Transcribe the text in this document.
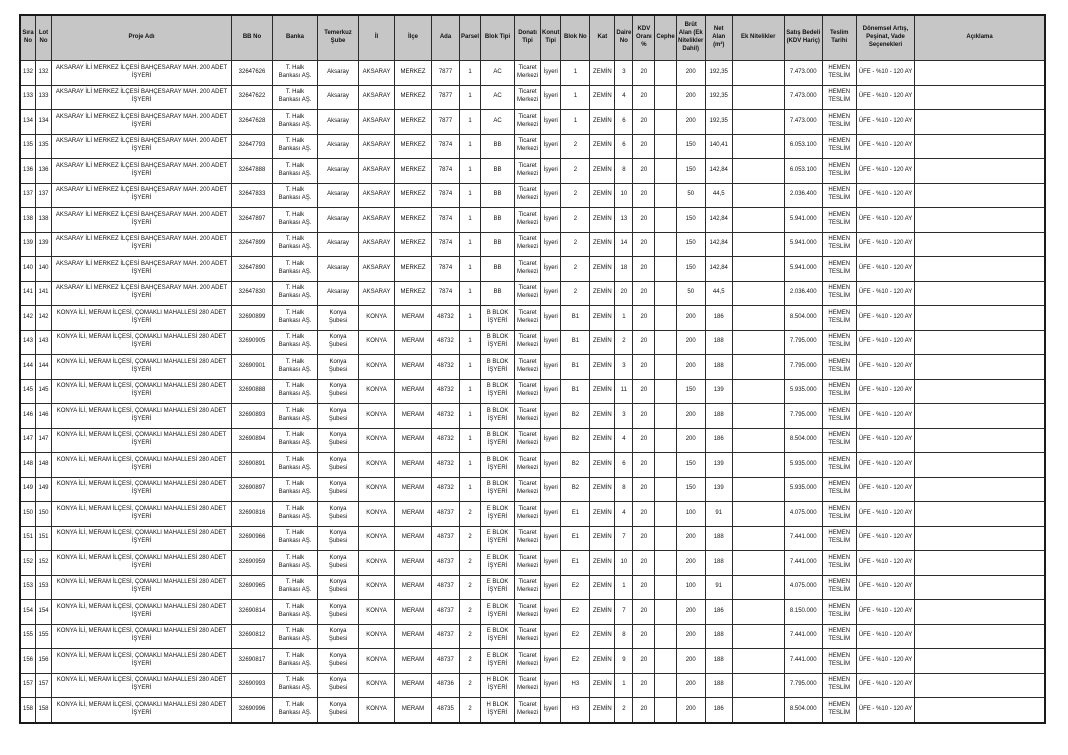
Sıra No	Lot No	Proje Adı	BB No	Banka	Temerkuz Şube	İl	İlçe	Ada	Parsel	Blok Tipi	Donatı Tipi	Konut Tipi	Blok No	Kat	Daire No	KDV Oranı %	Cephe	Brüt Alan (Ek Nitelikler Dahil)	Net Alan (m²)	Ek Nitelikler	Satış Bedeli (KDV Hariç)	Teslim Tarihi	Dönemsel Artış, Peşinat, Vade Seçenekleri	Açıklama
132	132	AKSARAY İLİ MERKEZ İLÇESİ BAHÇESARAY MAH. 200 ADET İŞYERİ	32647626	T. Halk Bankası AŞ.	Aksaray	AKSARAY	MERKEZ	7877	1	AC	Ticaret Merkezi	İşyeri	1	ZEMİN	3	20		200	192,35		7.473.000	HEMEN TESLİM	ÜFE - %10 - 120 AY	
133	133	AKSARAY İLİ MERKEZ İLÇESİ BAHÇESARAY MAH. 200 ADET İŞYERİ	32647622	T. Halk Bankası AŞ.	Aksaray	AKSARAY	MERKEZ	7877	1	AC	Ticaret Merkezi	İşyeri	1	ZEMİN	4	20		200	192,35		7.473.000	HEMEN TESLİM	ÜFE - %10 - 120 AY	
134	134	AKSARAY İLİ MERKEZ İLÇESİ BAHÇESARAY MAH. 200 ADET İŞYERİ	32647628	T. Halk Bankası AŞ.	Aksaray	AKSARAY	MERKEZ	7877	1	AC	Ticaret Merkezi	İşyeri	1	ZEMİN	6	20		200	192,35		7.473.000	HEMEN TESLİM	ÜFE - %10 - 120 AY	
135	135	AKSARAY İLİ MERKEZ İLÇESİ BAHÇESARAY MAH. 200 ADET İŞYERİ	32647793	T. Halk Bankası AŞ.	Aksaray	AKSARAY	MERKEZ	7874	1	BB	Ticaret Merkezi	İşyeri	2	ZEMİN	6	20		150	140,41		6.053.100	HEMEN TESLİM	ÜFE - %10 - 120 AY	
136	136	AKSARAY İLİ MERKEZ İLÇESİ BAHÇESARAY MAH. 200 ADET İŞYERİ	32647888	T. Halk Bankası AŞ.	Aksaray	AKSARAY	MERKEZ	7874	1	BB	Ticaret Merkezi	İşyeri	2	ZEMİN	8	20		150	142,84		6.053.100	HEMEN TESLİM	ÜFE - %10 - 120 AY	
137	137	AKSARAY İLİ MERKEZ İLÇESİ BAHÇESARAY MAH. 200 ADET İŞYERİ	32647833	T. Halk Bankası AŞ.	Aksaray	AKSARAY	MERKEZ	7874	1	BB	Ticaret Merkezi	İşyeri	2	ZEMİN	10	20		50	44,5		2.036.400	HEMEN TESLİM	ÜFE - %10 - 120 AY	
138	138	AKSARAY İLİ MERKEZ İLÇESİ BAHÇESARAY MAH. 200 ADET İŞYERİ	32647897	T. Halk Bankası AŞ.	Aksaray	AKSARAY	MERKEZ	7874	1	BB	Ticaret Merkezi	İşyeri	2	ZEMİN	13	20		150	142,84		5.941.000	HEMEN TESLİM	ÜFE - %10 - 120 AY	
139	139	AKSARAY İLİ MERKEZ İLÇESİ BAHÇESARAY MAH. 200 ADET İŞYERİ	32647899	T. Halk Bankası AŞ.	Aksaray	AKSARAY	MERKEZ	7874	1	BB	Ticaret Merkezi	İşyeri	2	ZEMİN	14	20		150	142,84		5.941.000	HEMEN TESLİM	ÜFE - %10 - 120 AY	
140	140	AKSARAY İLİ MERKEZ İLÇESİ BAHÇESARAY MAH. 200 ADET İŞYERİ	32647890	T. Halk Bankası AŞ.	Aksaray	AKSARAY	MERKEZ	7874	1	BB	Ticaret Merkezi	İşyeri	2	ZEMİN	18	20		150	142,84		5.941.000	HEMEN TESLİM	ÜFE - %10 - 120 AY	
141	141	AKSARAY İLİ MERKEZ İLÇESİ BAHÇESARAY MAH. 200 ADET İŞYERİ	32647830	T. Halk Bankası AŞ.	Aksaray	AKSARAY	MERKEZ	7874	1	BB	Ticaret Merkezi	İşyeri	2	ZEMİN	20	20		50	44,5		2.036.400	HEMEN TESLİM	ÜFE - %10 - 120 AY	
142	142	KONYA İLİ, MERAM İLÇESİ, ÇOMAKLI MAHALLESİ 280 ADET İŞYERİ	32690899	T. Halk Bankası AŞ.	Konya Şubesi	KONYA	MERAM	48732	1	B BLOK İŞYERİ	Ticaret Merkezi	İşyeri	B1	ZEMİN	1	20		200	186		8.504.000	HEMEN TESLİM	ÜFE - %10 - 120 AY	
143	143	KONYA İLİ, MERAM İLÇESİ, ÇOMAKLI MAHALLESİ 280 ADET İŞYERİ	32690905	T. Halk Bankası AŞ.	Konya Şubesi	KONYA	MERAM	48732	1	B BLOK İŞYERİ	Ticaret Merkezi	İşyeri	B1	ZEMİN	2	20		200	188		7.795.000	HEMEN TESLİM	ÜFE - %10 - 120 AY	
144	144	KONYA İLİ, MERAM İLÇESİ, ÇOMAKLI MAHALLESİ 280 ADET İŞYERİ	32690901	T. Halk Bankası AŞ.	Konya Şubesi	KONYA	MERAM	48732	1	B BLOK İŞYERİ	Ticaret Merkezi	İşyeri	B1	ZEMİN	3	20		200	188		7.795.000	HEMEN TESLİM	ÜFE - %10 - 120 AY	
145	145	KONYA İLİ, MERAM İLÇESİ, ÇOMAKLI MAHALLESİ 280 ADET İŞYERİ	32690888	T. Halk Bankası AŞ.	Konya Şubesi	KONYA	MERAM	48732	1	B BLOK İŞYERİ	Ticaret Merkezi	İşyeri	B1	ZEMİN	11	20		150	139		5.935.000	HEMEN TESLİM	ÜFE - %10 - 120 AY	
146	146	KONYA İLİ, MERAM İLÇESİ, ÇOMAKLI MAHALLESİ 280 ADET İŞYERİ	32690893	T. Halk Bankası AŞ.	Konya Şubesi	KONYA	MERAM	48732	1	B BLOK İŞYERİ	Ticaret Merkezi	İşyeri	B2	ZEMİN	3	20		200	188		7.795.000	HEMEN TESLİM	ÜFE - %10 - 120 AY	
147	147	KONYA İLİ, MERAM İLÇESİ, ÇOMAKLI MAHALLESİ 280 ADET İŞYERİ	32690894	T. Halk Bankası AŞ.	Konya Şubesi	KONYA	MERAM	48732	1	B BLOK İŞYERİ	Ticaret Merkezi	İşyeri	B2	ZEMİN	4	20		200	186		8.504.000	HEMEN TESLİM	ÜFE - %10 - 120 AY	
148	148	KONYA İLİ, MERAM İLÇESİ, ÇOMAKLI MAHALLESİ 280 ADET İŞYERİ	32690891	T. Halk Bankası AŞ.	Konya Şubesi	KONYA	MERAM	48732	1	B BLOK İŞYERİ	Ticaret Merkezi	İşyeri	B2	ZEMİN	6	20		150	139		5.935.000	HEMEN TESLİM	ÜFE - %10 - 120 AY	
149	149	KONYA İLİ, MERAM İLÇESİ, ÇOMAKLI MAHALLESİ 280 ADET İŞYERİ	32690897	T. Halk Bankası AŞ.	Konya Şubesi	KONYA	MERAM	48732	1	B BLOK İŞYERİ	Ticaret Merkezi	İşyeri	B2	ZEMİN	8	20		150	139		5.935.000	HEMEN TESLİM	ÜFE - %10 - 120 AY	
150	150	KONYA İLİ, MERAM İLÇESİ, ÇOMAKLI MAHALLESİ 280 ADET İŞYERİ	32690816	T. Halk Bankası AŞ.	Konya Şubesi	KONYA	MERAM	48737	2	E BLOK İŞYERİ	Ticaret Merkezi	İşyeri	E1	ZEMİN	4	20		100	91		4.075.000	HEMEN TESLİM	ÜFE - %10 - 120 AY	
151	151	KONYA İLİ, MERAM İLÇESİ, ÇOMAKLI MAHALLESİ 280 ADET İŞYERİ	32690966	T. Halk Bankası AŞ.	Konya Şubesi	KONYA	MERAM	48737	2	E BLOK İŞYERİ	Ticaret Merkezi	İşyeri	E1	ZEMİN	7	20		200	188		7.441.000	HEMEN TESLİM	ÜFE - %10 - 120 AY	
152	152	KONYA İLİ, MERAM İLÇESİ, ÇOMAKLI MAHALLESİ 280 ADET İŞYERİ	32690959	T. Halk Bankası AŞ.	Konya Şubesi	KONYA	MERAM	48737	2	E BLOK İŞYERİ	Ticaret Merkezi	İşyeri	E1	ZEMİN	10	20		200	188		7.441.000	HEMEN TESLİM	ÜFE - %10 - 120 AY	
153	153	KONYA İLİ, MERAM İLÇESİ, ÇOMAKLI MAHALLESİ 280 ADET İŞYERİ	32690965	T. Halk Bankası AŞ.	Konya Şubesi	KONYA	MERAM	48737	2	E BLOK İŞYERİ	Ticaret Merkezi	İşyeri	E2	ZEMİN	1	20		100	91		4.075.000	HEMEN TESLİM	ÜFE - %10 - 120 AY	
154	154	KONYA İLİ, MERAM İLÇESİ, ÇOMAKLI MAHALLESİ 280 ADET İŞYERİ	32690814	T. Halk Bankası AŞ.	Konya Şubesi	KONYA	MERAM	48737	2	E BLOK İŞYERİ	Ticaret Merkezi	İşyeri	E2	ZEMİN	7	20		200	186		8.150.000	HEMEN TESLİM	ÜFE - %10 - 120 AY	
155	155	KONYA İLİ, MERAM İLÇESİ, ÇOMAKLI MAHALLESİ 280 ADET İŞYERİ	32690812	T. Halk Bankası AŞ.	Konya Şubesi	KONYA	MERAM	48737	2	E BLOK İŞYERİ	Ticaret Merkezi	İşyeri	E2	ZEMİN	8	20		200	188		7.441.000	HEMEN TESLİM	ÜFE - %10 - 120 AY	
156	156	KONYA İLİ, MERAM İLÇESİ, ÇOMAKLI MAHALLESİ 280 ADET İŞYERİ	32690817	T. Halk Bankası AŞ.	Konya Şubesi	KONYA	MERAM	48737	2	E BLOK İŞYERİ	Ticaret Merkezi	İşyeri	E2	ZEMİN	9	20		200	188		7.441.000	HEMEN TESLİM	ÜFE - %10 - 120 AY	
157	157	KONYA İLİ, MERAM İLÇESİ, ÇOMAKLI MAHALLESİ 280 ADET İŞYERİ	32690993	T. Halk Bankası AŞ.	Konya Şubesi	KONYA	MERAM	48736	2	H BLOK İŞYERİ	Ticaret Merkezi	İşyeri	H3	ZEMİN	1	20		200	188		7.795.000	HEMEN TESLİM	ÜFE - %10 - 120 AY	
158	158	KONYA İLİ, MERAM İLÇESİ, ÇOMAKLI MAHALLESİ 280 ADET İŞYERİ	32690996	T. Halk Bankası AŞ.	Konya Şubesi	KONYA	MERAM	48735	2	H BLOK İŞYERİ	Ticaret Merkezi	İşyeri	H3	ZEMİN	2	20		200	186		8.504.000	HEMEN TESLİM	ÜFE - %10 - 120 AY	
